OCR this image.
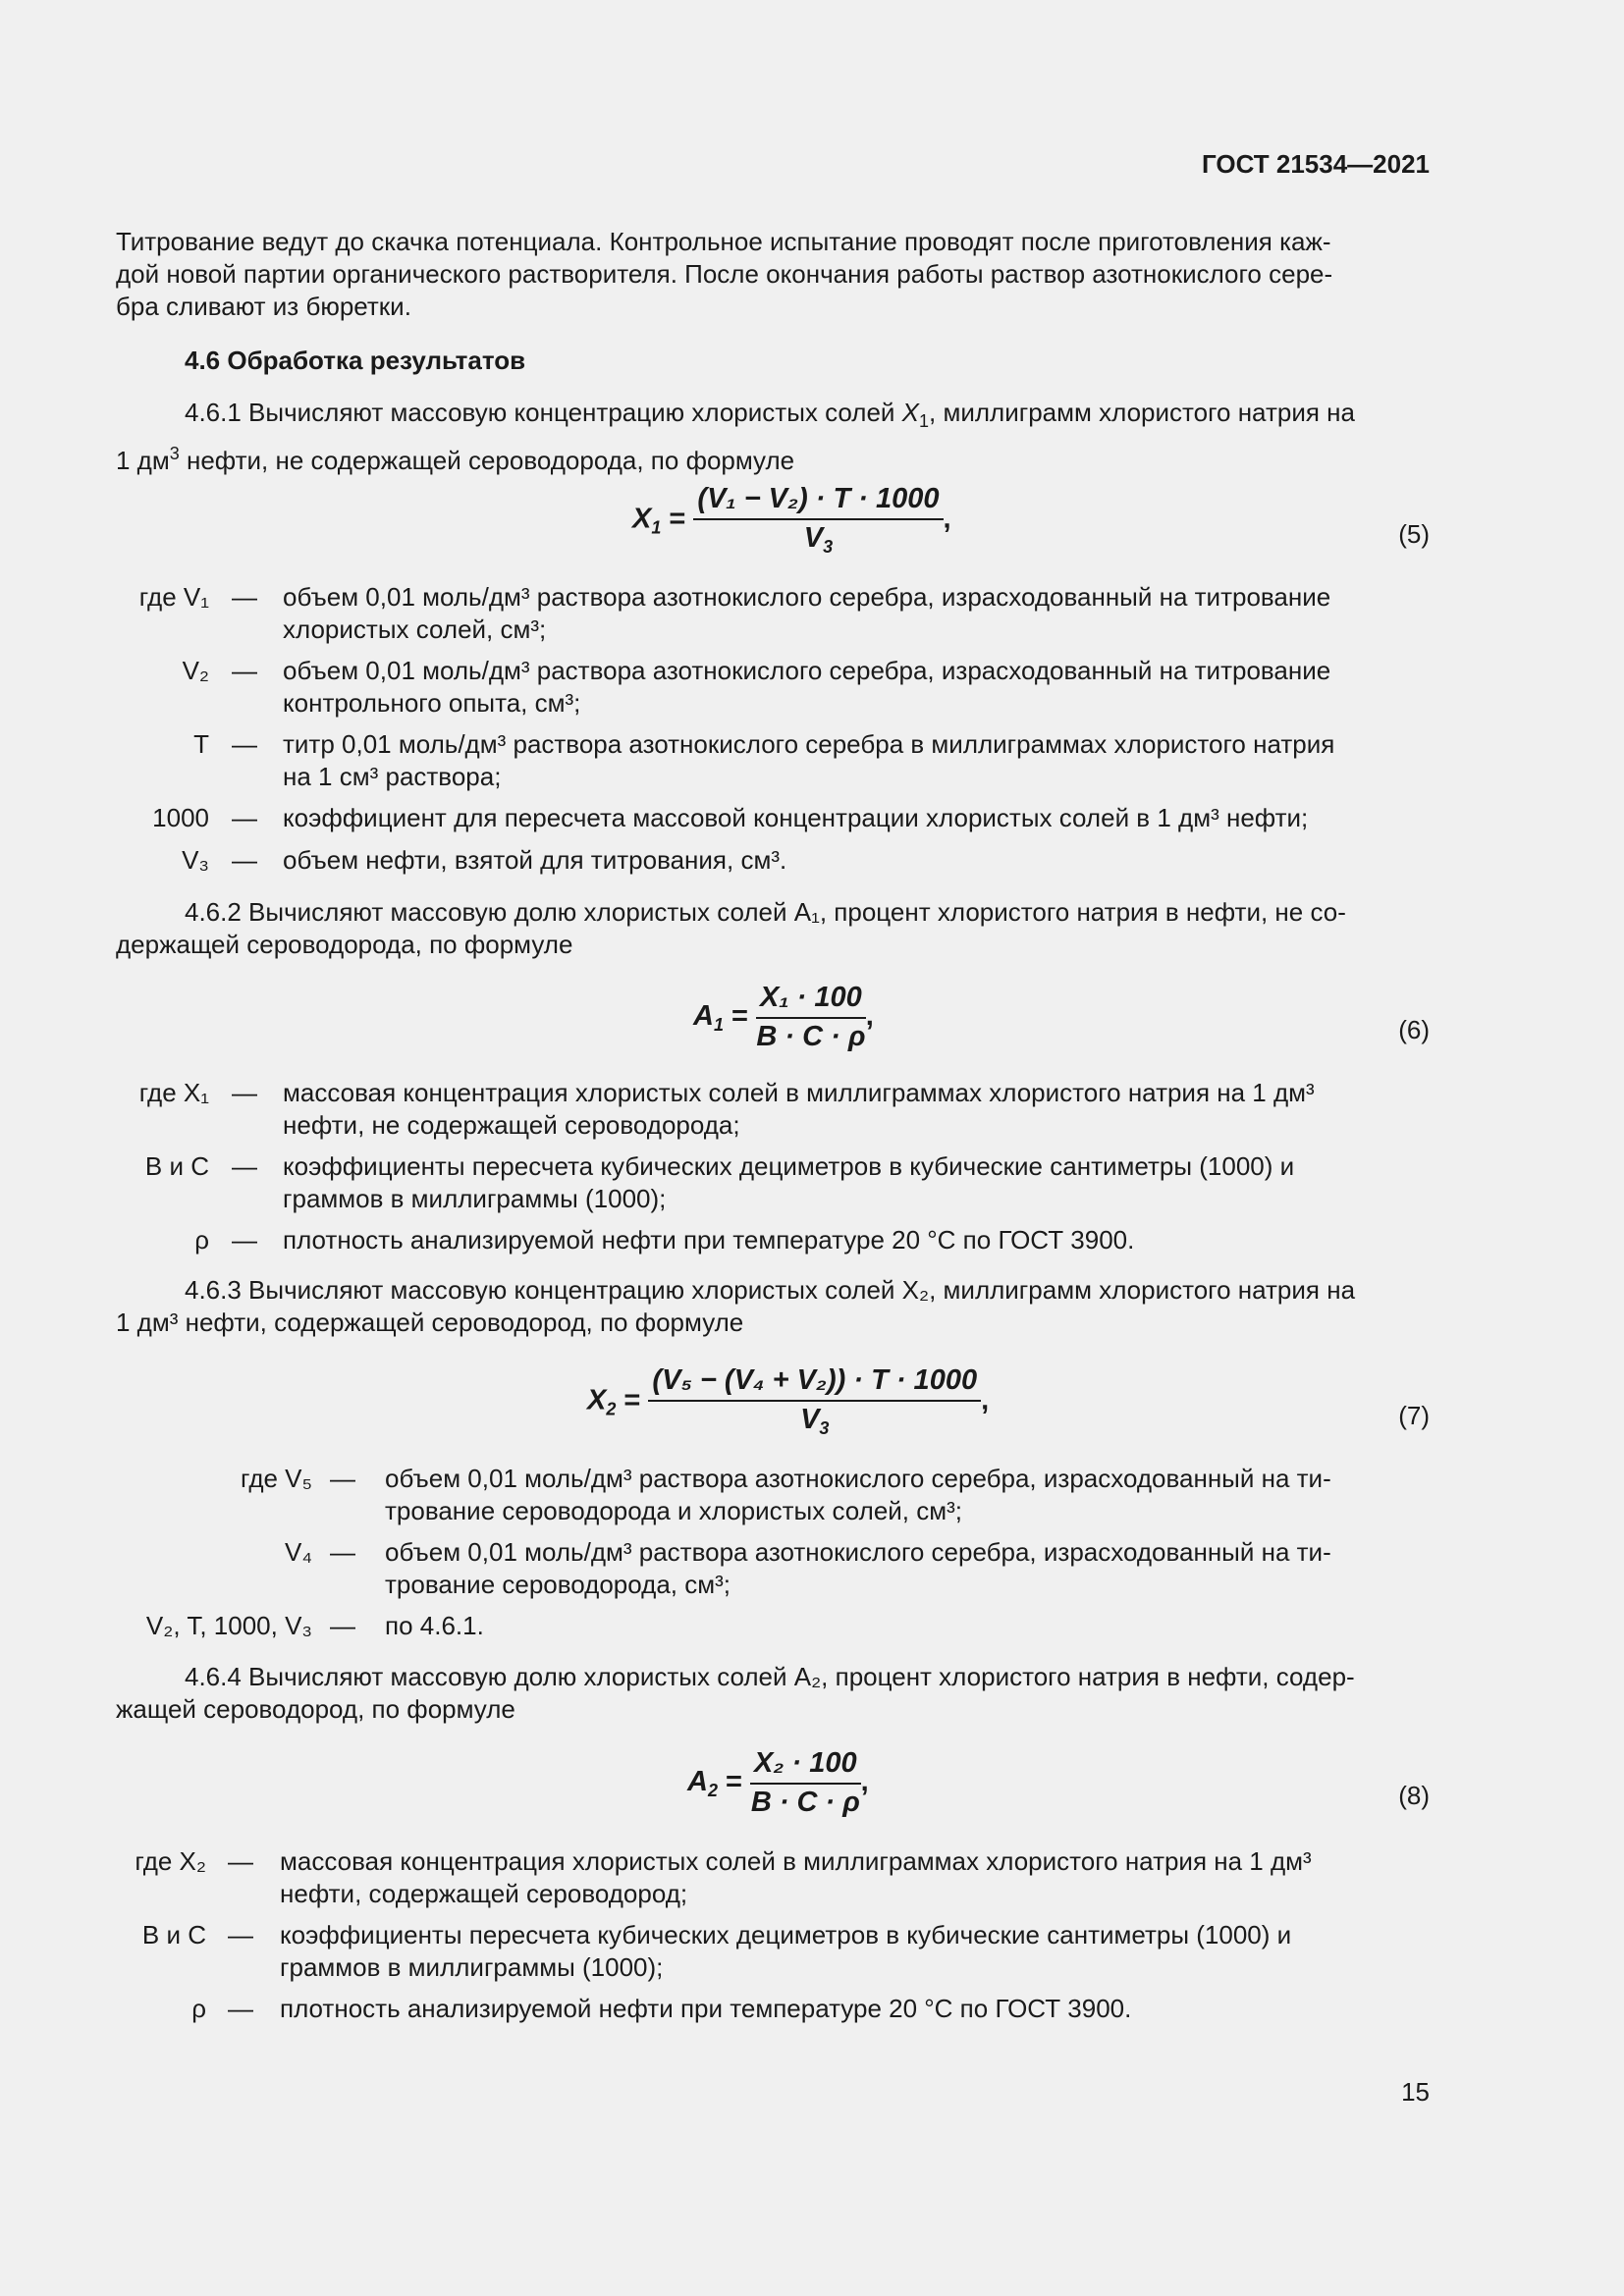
ГОСТ 21534—2021
Титрование ведут до скачка потенциала. Контрольное испытание проводят после приготовления каж-
дой новой партии органического растворителя. После окончания работы раствор азотнокислого сере-
бра сливают из бюретки.
4.6 Обработка результатов
4.6.1 Вычисляют массовую концентрацию хлористых солей $X_1$, миллиграмм хлористого натрия на
1 $дм^3$ нефти, не содержащей сероводорода, по формуле
$X_1 = \frac{\text{(V₁ − V₂) · T · 1000}}{V_3}$ ,	(5)
где V₁ — объем 0,01 моль/дм³ раствора азотнокислого серебра, израсходованный на титрование
хлористых солей, см³;
V₂ — объем 0,01 моль/дм³ раствора азотнокислого серебра, израсходованный на титрование
контрольного опыта, см³;
T — титр 0,01 моль/дм³ раствора азотнокислого серебра в миллиграммах хлористого натрия
на 1 см³ раствора;
1000 — коэффициент для пересчета массовой концентрации хлористых солей в 1 дм³ нефти;
V₃ — объем нефти, взятой для титрования, см³.
4.6.2 Вычисляют массовую долю хлористых солей A₁, процент хлористого натрия в нефти, не со-
держащей сероводорода, по формуле
$A_1 = \frac{\text{X₁ · 100}}{B \cdot C \cdot \rho}$ ,	(6)
где X₁ — массовая концентрация хлористых солей в миллиграммах хлористого натрия на 1 дм³
нефти, не содержащей сероводорода;
B и C — коэффициенты пересчета кубических дециметров в кубические сантиметры (1000) и
граммов в миллиграммы (1000);
ρ — плотность анализируемой нефти при температуре 20 °C по ГОСТ 3900.
4.6.3 Вычисляют массовую концентрацию хлористых солей X₂, миллиграмм хлористого натрия на
1 дм³ нефти, содержащей сероводород, по формуле
$X_2 = \frac{\text{(V₅ − (V₄ + V₂)) · T · 1000}}{V_3}$ ,	(7)
где V₅ — объем 0,01 моль/дм³ раствора азотнокислого серебра, израсходованный на ти-
трование сероводорода и хлористых солей, см³;
V₄ — объем 0,01 моль/дм³ раствора азотнокислого серебра, израсходованный на ти-
трование сероводорода, см³;
V₂, T, 1000, V₃ — по 4.6.1.
4.6.4 Вычисляют массовую долю хлористых солей A₂, процент хлористого натрия в нефти, содер-
жащей сероводород, по формуле
$A_2 = \frac{\text{X₂ · 100}}{B \cdot C \cdot \rho}$ ,	(8)
где X₂ — массовая концентрация хлористых солей в миллиграммах хлористого натрия на 1 дм³
нефти, содержащей сероводород;
B и C — коэффициенты пересчета кубических дециметров в кубические сантиметры (1000) и
граммов в миллиграммы (1000);
ρ — плотность анализируемой нефти при температуре 20 °C по ГОСТ 3900.
15
